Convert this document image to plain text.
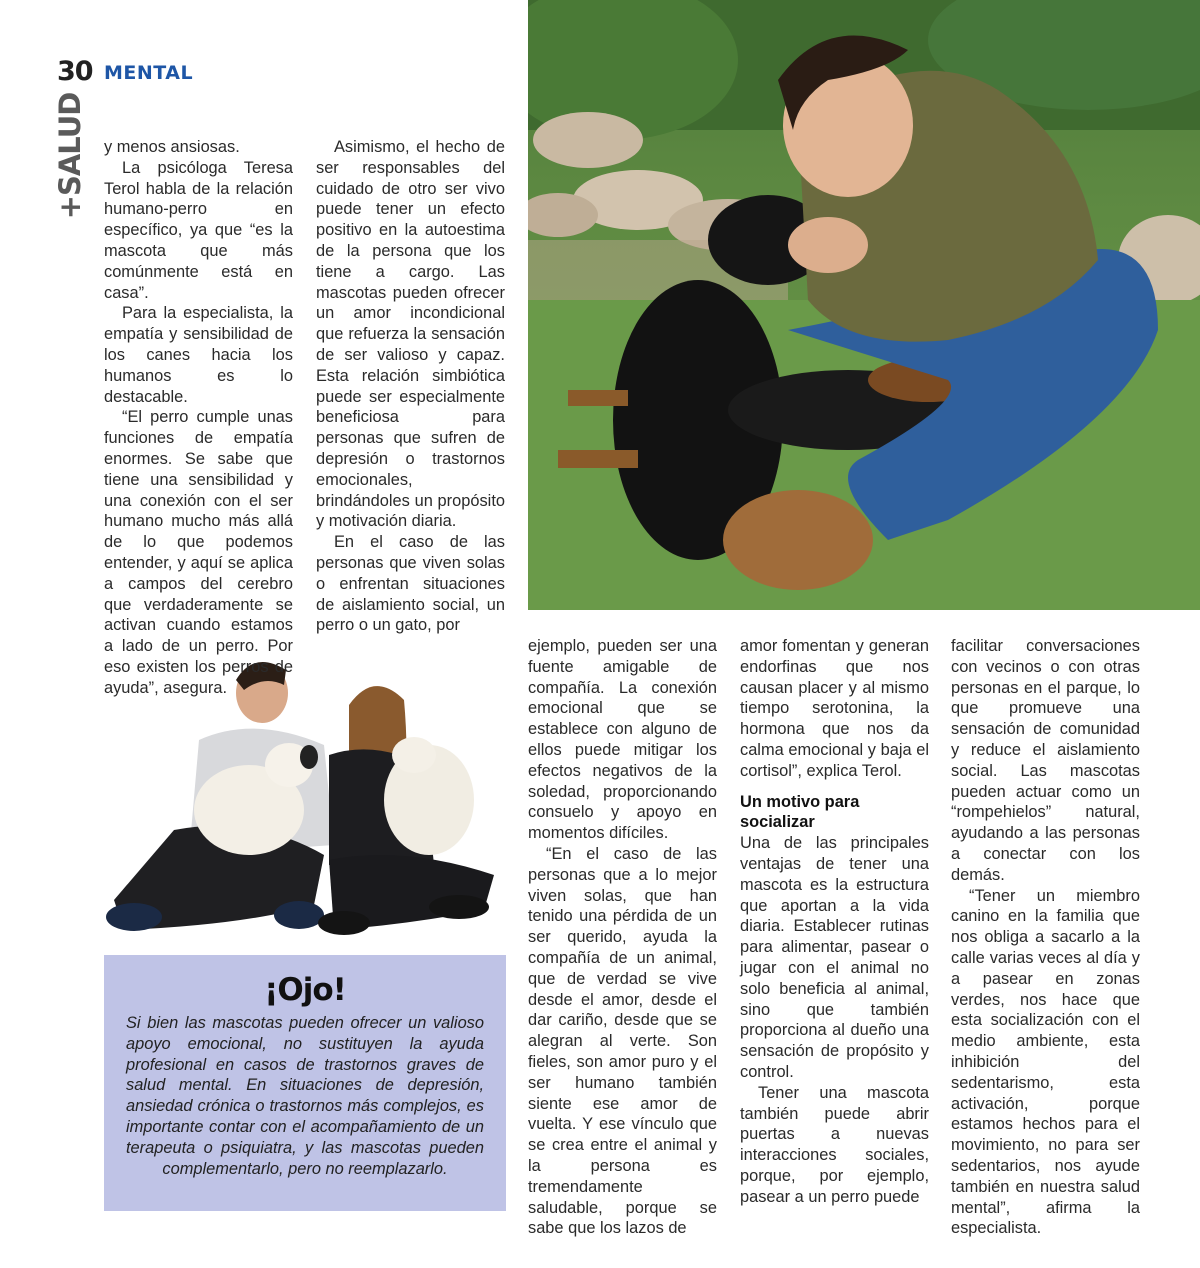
30 MENTAL
+SALUD y menos ansiosas.

La psicóloga Teresa Terol habla de la relación humano-perro en específico, ya que “es la mascota que más comúnmente está en casa”.

Para la especialista, la empatía y sensibilidad de los canes hacia los humanos es lo destacable.

“El perro cumple unas funciones de empatía enormes. Se sabe que tiene una sensibilidad y una conexión con el ser humano mucho más allá de lo que podemos entender, y aquí se aplica a campos del cerebro que verdaderamente se activan cuando estamos a lado de un perro. Por eso existen los perros de ayuda”, asegura.

Asimismo, el hecho de ser responsables del cuidado de otro ser vivo puede tener un efecto positivo en la autoestima de la persona que los tiene a cargo. Las mascotas pueden ofrecer un amor incondicional que refuerza la sensación de ser valioso y capaz. Esta relación simbiótica puede ser especialmente beneficiosa para personas que sufren de depresión o trastornos emocionales, brindándoles un propósito y motivación diaria.

En el caso de las personas que viven solas o enfrentan situaciones de aislamiento social, un perro o un gato, por

ejemplo, pueden ser una fuente amigable de compañía. La conexión emocional que se establece con alguno de ellos puede mitigar los efectos negativos de la soledad, proporcionando consuelo y apoyo en momentos difíciles.

“En el caso de las personas que a lo mejor viven solas, que han tenido una pérdida de un ser querido, ayuda la compañía de un animal, que de verdad se vive desde el amor, desde el dar cariño, desde que se alegran al verte. Son fieles, son amor puro y el ser humano también siente ese amor de vuelta. Y ese vínculo que se crea entre el animal y la persona es tremendamente saludable, porque se sabe que los lazos de

amor fomentan y generan endorfinas que nos causan placer y al mismo tiempo serotonina, la hormona que nos da calma emocional y baja el cortisol”, explica Terol.

Un motivo para socializar

Una de las principales ventajas de tener una mascota es la estructura que aportan a la vida diaria. Establecer rutinas para alimentar, pasear o jugar con el animal no solo beneficia al animal, sino que también proporciona al dueño una sensación de propósito y control.

Tener una mascota también puede abrir puertas a nuevas interacciones sociales, porque, por ejemplo, pasear a un perro puede

facilitar conversaciones con vecinos o con otras personas en el parque, lo que promueve una sensación de comunidad y reduce el aislamiento social. Las mascotas pueden actuar como un “rompehielos” natural, ayudando a las personas a conectar con los demás.

“Tener un miembro canino en la familia que nos obliga a sacarlo a la calle varias veces al día y a pasear en zonas verdes, nos hace que esta socialización con el medio ambiente, esta inhibición del sedentarismo, esta activación, porque estamos hechos para el movimiento, no para ser sedentarios, nos ayude también en nuestra salud mental”, afirma la especialista.

¡Ojo!

Si bien las mascotas pueden ofrecer un valioso apoyo emocional, no sustituyen la ayuda profesional en casos de trastornos graves de salud mental. En situaciones de depresión, ansiedad crónica o trastornos más complejos, es importante contar con el acompañamiento de un terapeuta o psiquiatra, y las mascotas pueden complementarlo, pero no reemplazarlo.
